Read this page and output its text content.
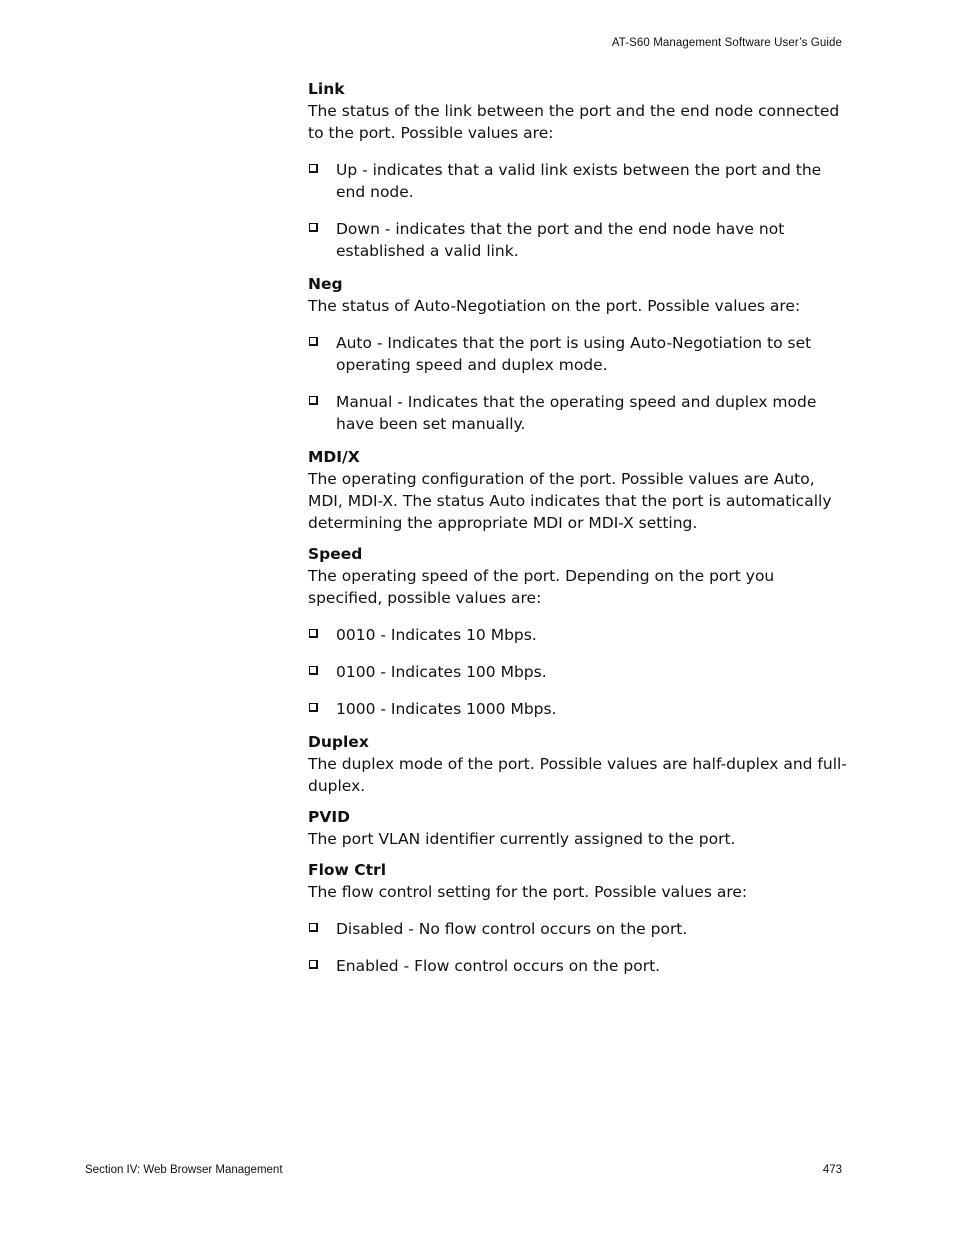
AT-S60 Management Software User’s Guide

Link

The status of the link between the port and the end node connected to the port. Possible values are:

Up - indicates that a valid link exists between the port and the end node.
Down - indicates that the port and the end node have not established a valid link.

Neg

The status of Auto-Negotiation on the port. Possible values are:

Auto - Indicates that the port is using Auto-Negotiation to set operating speed and duplex mode.
Manual - Indicates that the operating speed and duplex mode have been set manually.

MDI/X

The operating configuration of the port. Possible values are Auto, MDI, MDI-X. The status Auto indicates that the port is automatically determining the appropriate MDI or MDI-X setting.

Speed

The operating speed of the port. Depending on the port you specified, possible values are:

0010 - Indicates 10 Mbps.
0100 - Indicates 100 Mbps.
1000 - Indicates 1000 Mbps.

Duplex

The duplex mode of the port. Possible values are half-duplex and full-duplex.

PVID

The port VLAN identifier currently assigned to the port.

Flow Ctrl

The flow control setting for the port. Possible values are:

Disabled - No flow control occurs on the port.
Enabled - Flow control occurs on the port.
Section IV: Web Browser Management	473
